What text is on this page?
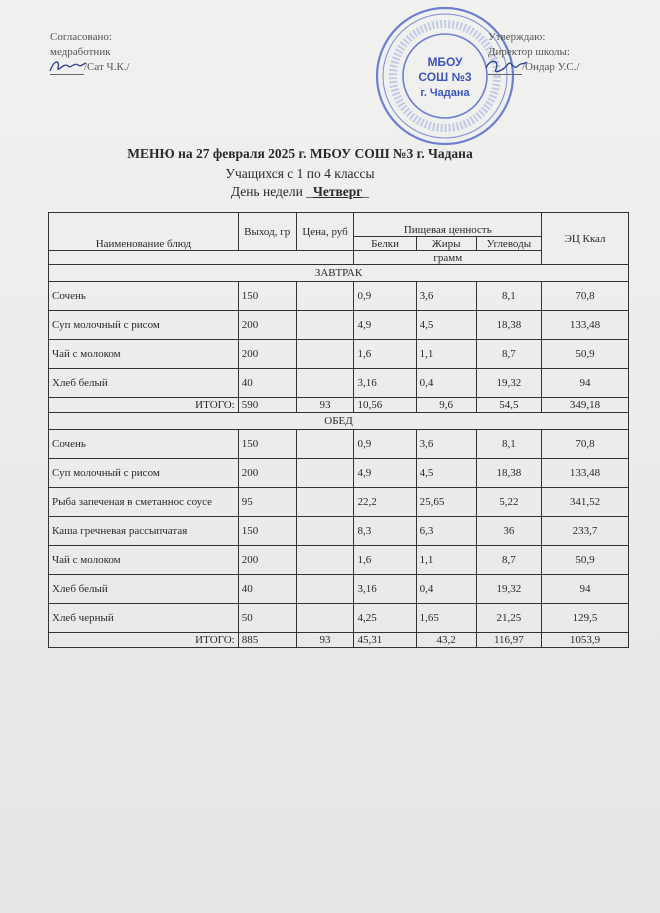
Согласовано:
медработник
/Сат Ч.К./	МБОУ
СОШ №3
г. Чадана
Утверждаю:
Директор школы:
/Ондар У.С./
МЕНЮ на 27 февраля 2025 г. МБОУ СОШ №3 г. Чадана
Учащихся с 1 по 4 классы
День недели _Четверг_
Наименование блюд	Выход, гр	Цена, руб	Пищевая ценность			ЭЦ Ккал
			Белки	Жиры	Углеводы	
			грамм			
ЗАВТРАК						
Сочень	150		0,9	3,6	8,1	70,8
Суп молочный с рисом	200		4,9	4,5	18,38	133,48
Чай с молоком	200		1,6	1,1	8,7	50,9
Хлеб белый	40		3,16	0,4	19,32	94
ИТОГО:	590	93	10,56	9,6	54,5	349,18
ОБЕД						
Сочень	150		0,9	3,6	8,1	70,8
Суп молочный с рисом	200		4,9	4,5	18,38	133,48
Рыба запеченая в сметанноc соусе	95		22,2	25,65	5,22	341,52
Каша гречневая рассыпчатая	150		8,3	6,3	36	233,7
Чай с молоком	200		1,6	1,1	8,7	50,9
Хлеб белый	40		3,16	0,4	19,32	94
Хлеб черный	50		4,25	1,65	21,25	129,5
ИТОГО:	885	93	45,31	43,2	116,97	1053,9
